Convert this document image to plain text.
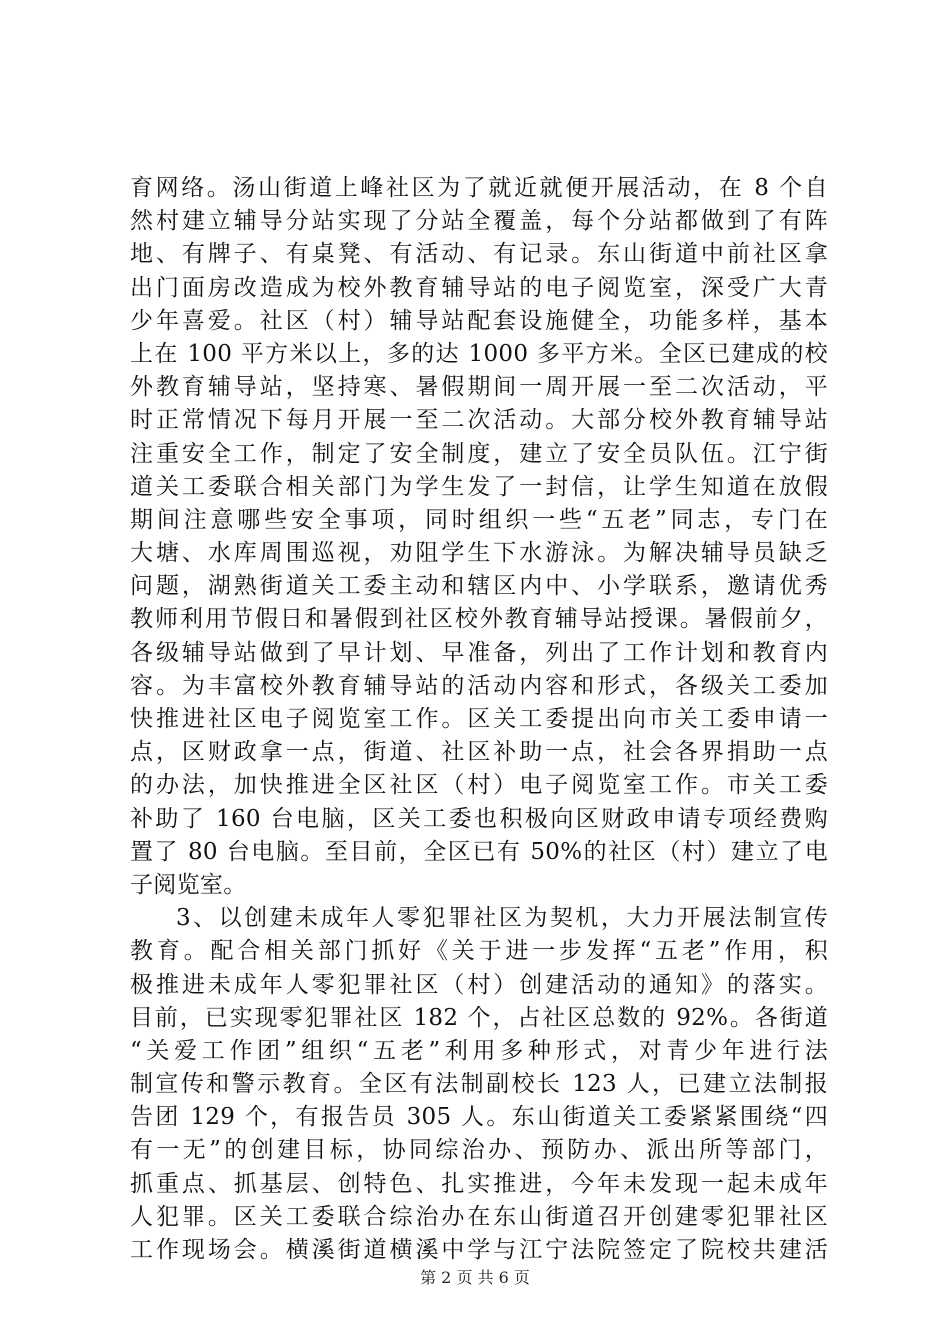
育网络。汤山街道上峰社区为了就近就便开展活动，在 8 个自
然村建立辅导分站实现了分站全覆盖，每个分站都做到了有阵
地、有牌子、有桌凳、有活动、有记录。东山街道中前社区拿
出门面房改造成为校外教育辅导站的电子阅览室，深受广大青
少年喜爱。社区（村）辅导站配套设施健全，功能多样，基本
上在 100 平方米以上，多的达 1000 多平方米。全区已建成的校
外教育辅导站，坚持寒、暑假期间一周开展一至二次活动，平
时正常情况下每月开展一至二次活动。大部分校外教育辅导站
注重安全工作，制定了安全制度，建立了安全员队伍。江宁街
道关工委联合相关部门为学生发了一封信，让学生知道在放假
期间注意哪些安全事项，同时组织一些“五老”同志，专门在
大塘、水库周围巡视，劝阻学生下水游泳。为解决辅导员缺乏
问题，湖熟街道关工委主动和辖区内中、小学联系，邀请优秀
教师利用节假日和暑假到社区校外教育辅导站授课。暑假前夕，
各级辅导站做到了早计划、早准备，列出了工作计划和教育内
容。为丰富校外教育辅导站的活动内容和形式，各级关工委加
快推进社区电子阅览室工作。区关工委提出向市关工委申请一
点，区财政拿一点，街道、社区补助一点，社会各界捐助一点
的办法，加快推进全区社区（村）电子阅览室工作。市关工委
补助了 160 台电脑，区关工委也积极向区财政申请专项经费购
置了 80 台电脑。至目前，全区已有 50%的社区（村）建立了电
子阅览室。
3、以创建未成年人零犯罪社区为契机，大力开展法制宣传
教育。配合相关部门抓好《关于进一步发挥“五老”作用，积
极推进未成年人零犯罪社区（村）创建活动的通知》的落实。
目前，已实现零犯罪社区 182 个，占社区总数的 92%。各街道
“关爱工作团”组织“五老”利用多种形式，对青少年进行法
制宣传和警示教育。全区有法制副校长 123 人，已建立法制报
告团 129 个，有报告员 305 人。东山街道关工委紧紧围绕“四
有一无”的创建目标，协同综治办、预防办、派出所等部门，
抓重点、抓基层、创特色、扎实推进，今年未发现一起未成年
人犯罪。区关工委联合综治办在东山街道召开创建零犯罪社区
工作现场会。横溪街道横溪中学与江宁法院签定了院校共建活
第 2 页 共 6 页
